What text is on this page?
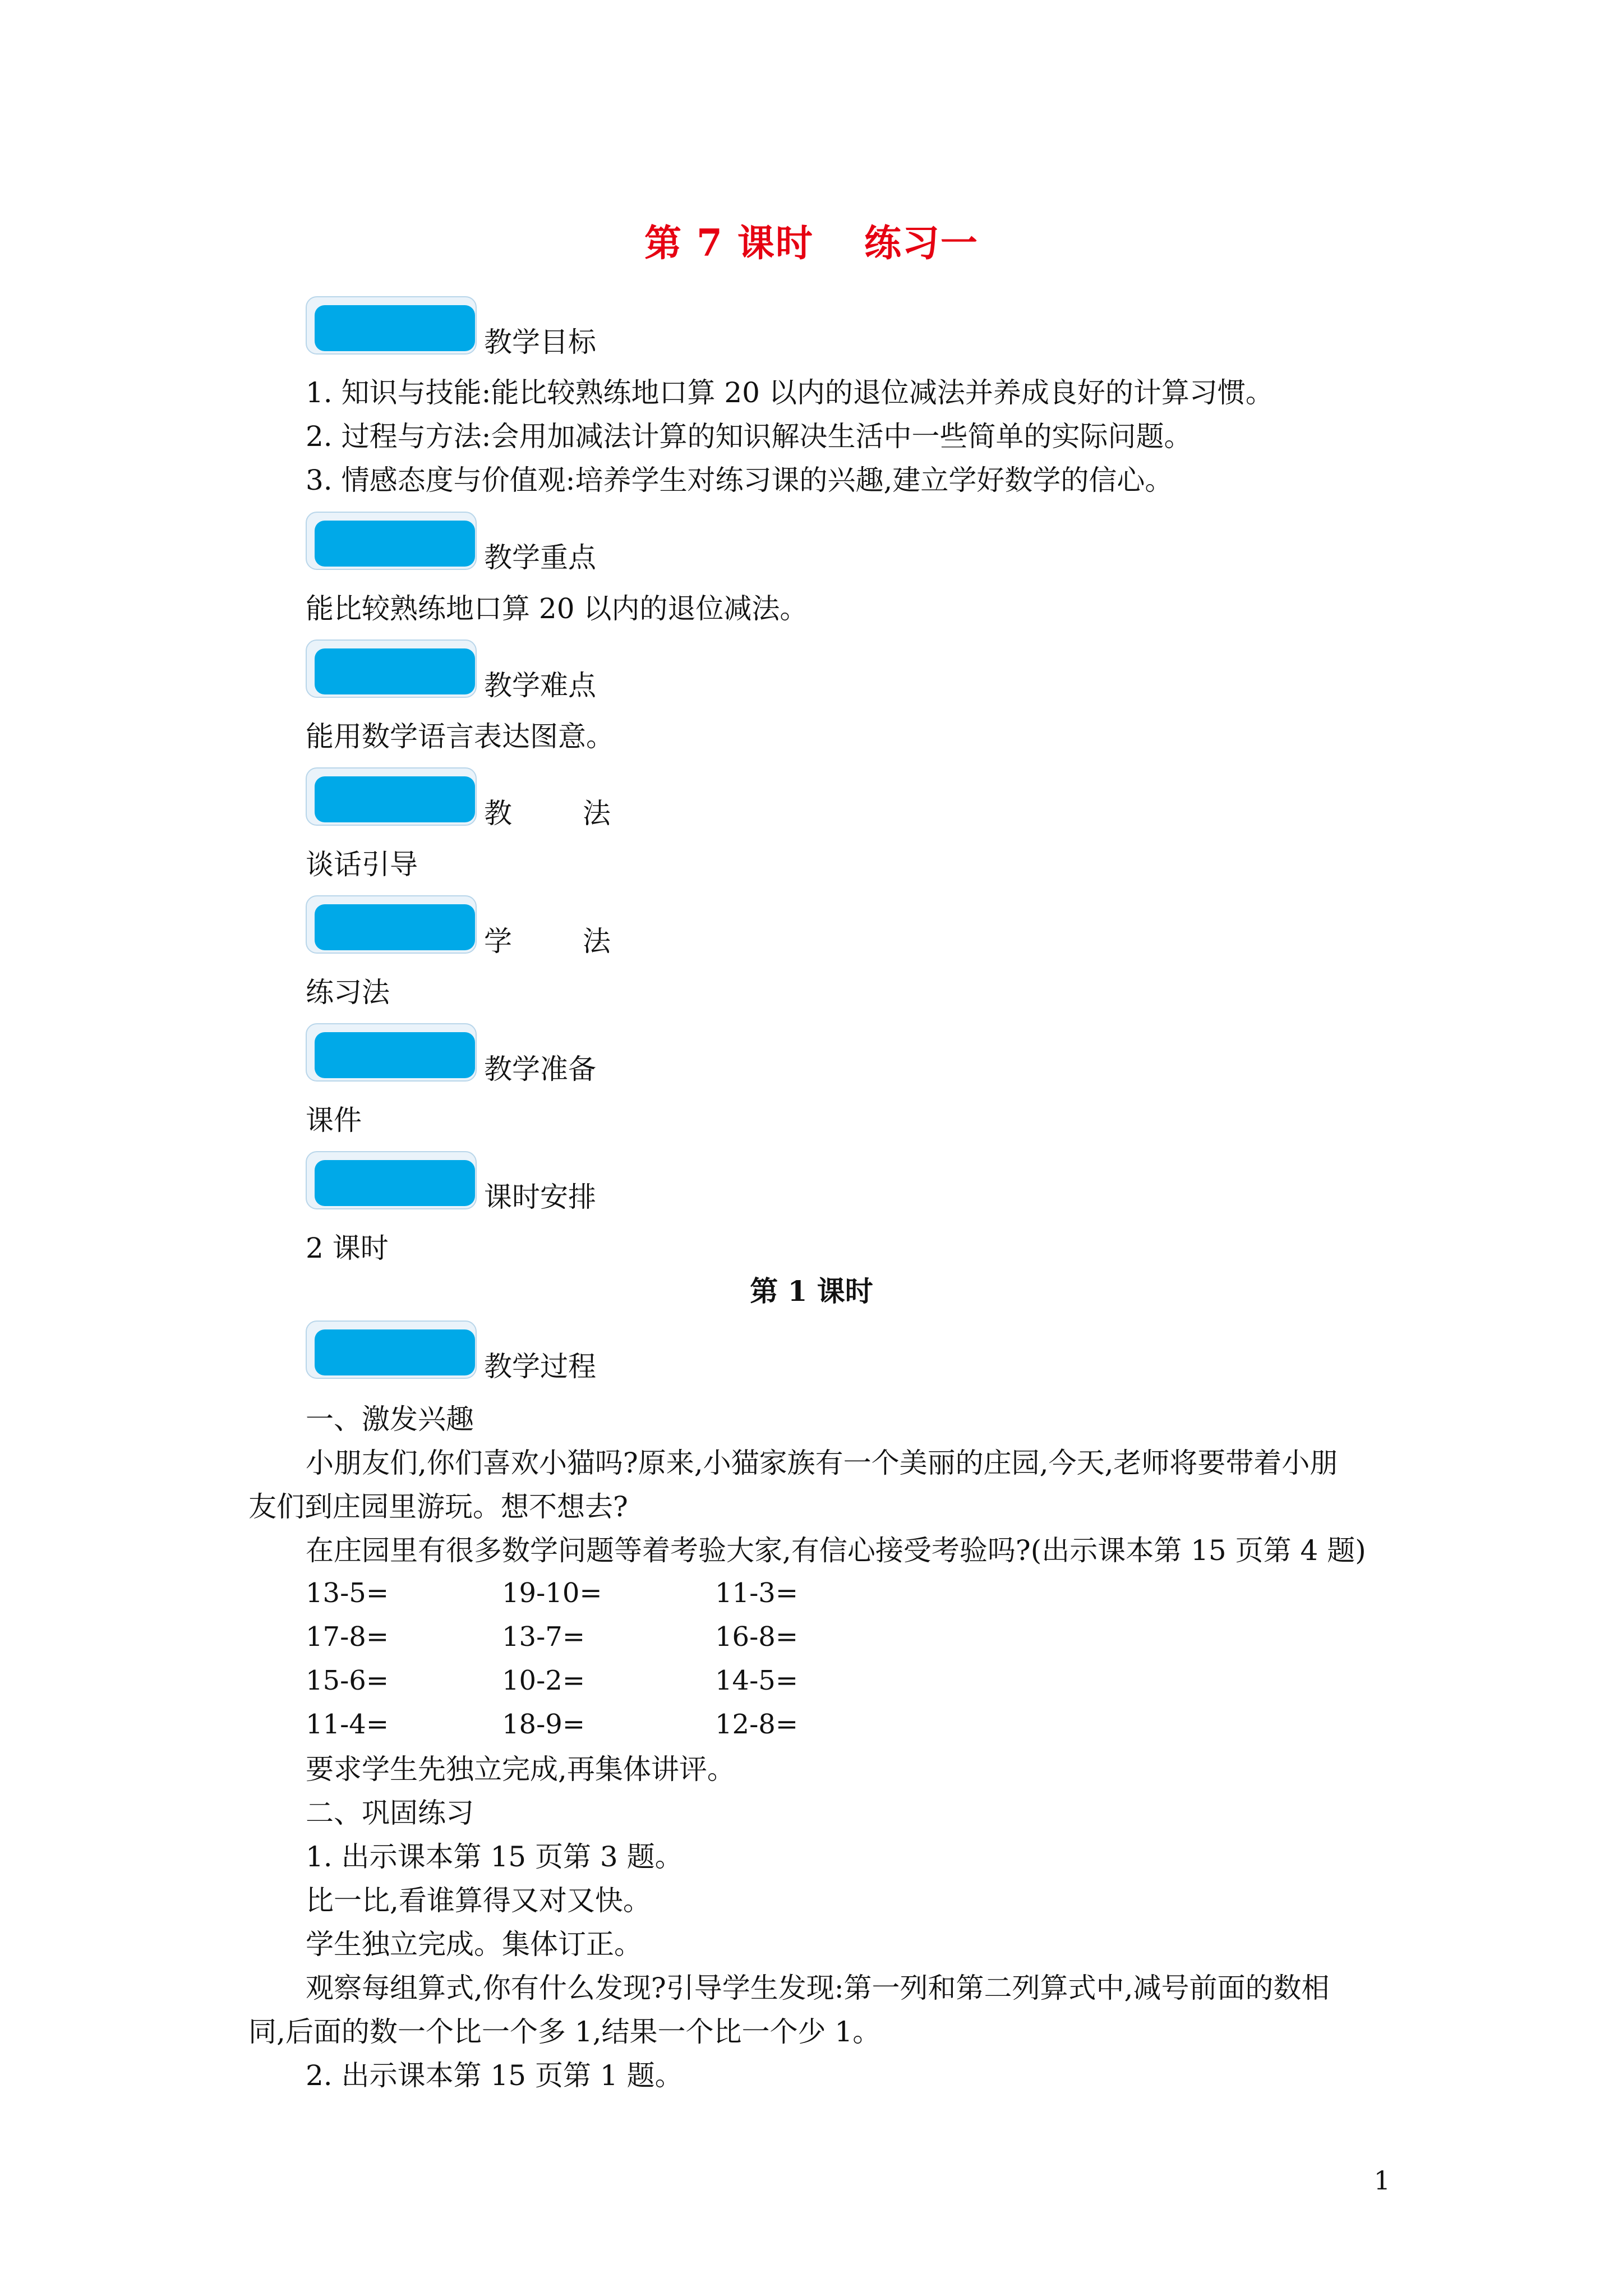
第 7 课时 练习一
教学目标
1. 知识与技能:能比较熟练地口算 20 以内的退位减法并养成良好的计算习惯。
2. 过程与方法:会用加减法计算的知识解决生活中一些简单的实际问题。
3. 情感态度与价值观:培养学生对练习课的兴趣,建立学好数学的信心。
教学重点
能比较熟练地口算 20 以内的退位减法。
教学难点
能用数学语言表达图意。
教 法
谈话引导
学 法
练习法
教学准备
课件
课时安排
2 课时
第 1 课时
教学过程
一、激发兴趣
小朋友们,你们喜欢小猫吗?原来,小猫家族有一个美丽的庄园,今天,老师将要带着小朋
友们到庄园里游玩。想不想去?
在庄园里有很多数学问题等着考验大家,有信心接受考验吗?(出示课本第 15 页第 4 题)
13-5=	19-10=	11-3=
17-8=	13-7=	16-8=
15-6=	10-2=	14-5=
11-4=	18-9=	12-8=
要求学生先独立完成,再集体讲评。
二、巩固练习
1. 出示课本第 15 页第 3 题。
比一比,看谁算得又对又快。
学生独立完成。集体订正。
观察每组算式,你有什么发现?引导学生发现:第一列和第二列算式中,减号前面的数相
同,后面的数一个比一个多 1,结果一个比一个少 1。
2. 出示课本第 15 页第 1 题。
1
